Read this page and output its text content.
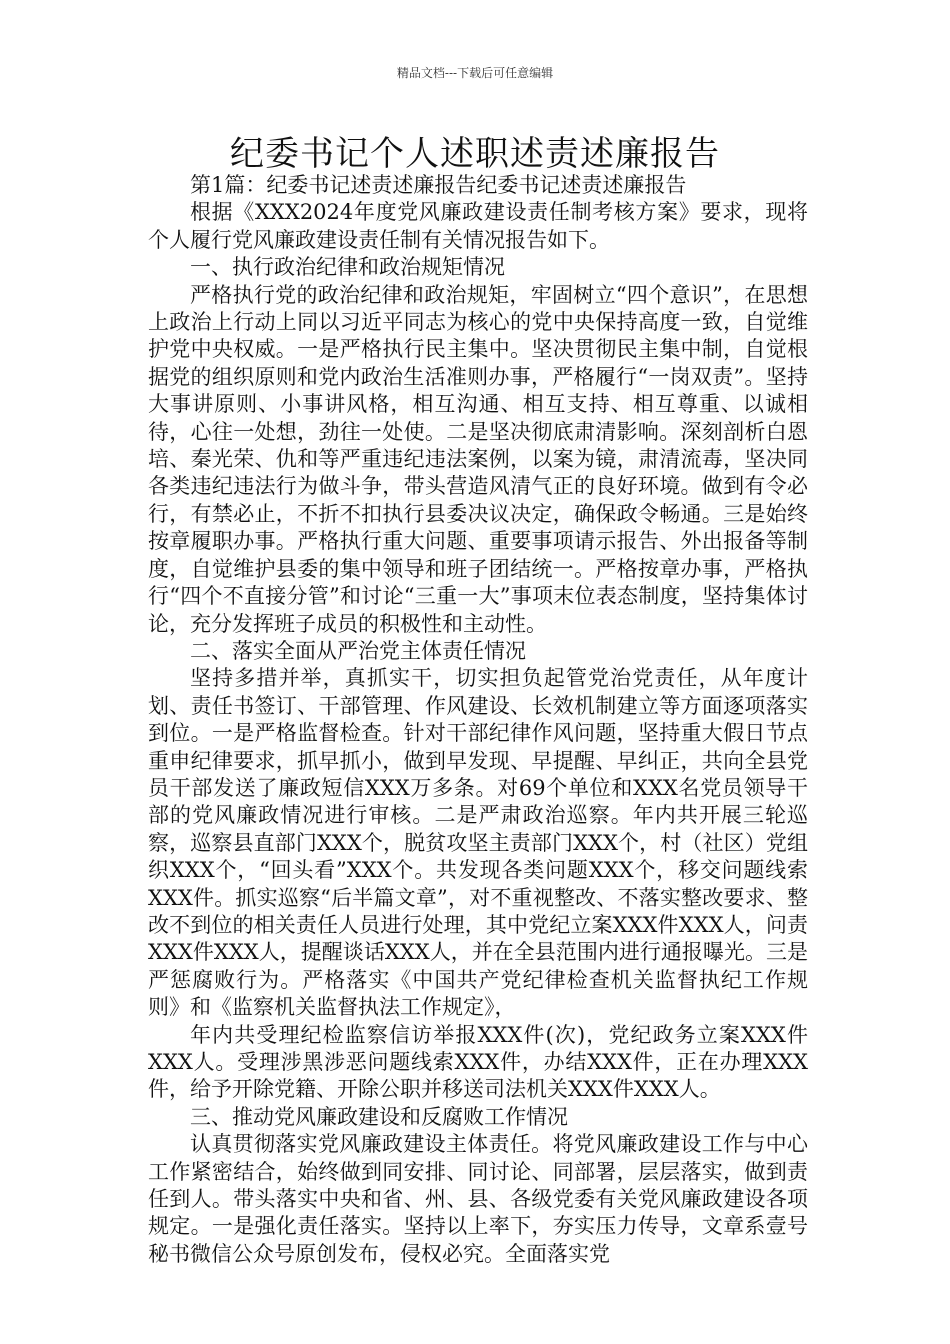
精品文档---下载后可任意编辑
纪委书记个人述职述责述廉报告

第1篇：纪委书记述责述廉报告纪委书记述责述廉报告

根据《XXX2024年度党风廉政建设责任制考核方案》要求，现将个人履行党风廉政建设责任制有关情况报告如下。

一、执行政治纪律和政治规矩情况

严格执行党的政治纪律和政治规矩，牢固树立“四个意识”，在思想上政治上行动上同以习近平同志为核心的党中央保持高度一致，自觉维护党中央权威。一是严格执行民主集中。坚决贯彻民主集中制，自觉根据党的组织原则和党内政治生活准则办事，严格履行“一岗双责”。坚持大事讲原则、小事讲风格，相互沟通、相互支持、相互尊重、以诚相待，心往一处想，劲往一处使。二是坚决彻底肃清影响。深刻剖析白恩培、秦光荣、仇和等严重违纪违法案例，以案为镜，肃清流毒，坚决同各类违纪违法行为做斗争，带头营造风清气正的良好环境。做到有令必行，有禁必止，不折不扣执行县委决议决定，确保政令畅通。三是始终按章履职办事。严格执行重大问题、重要事项请示报告、外出报备等制度，自觉维护县委的集中领导和班子团结统一。严格按章办事，严格执行“四个不直接分管”和讨论“三重一大”事项末位表态制度，坚持集体讨论，充分发挥班子成员的积极性和主动性。

二、落实全面从严治党主体责任情况

坚持多措并举，真抓实干，切实担负起管党治党责任，从年度计划、责任书签订、干部管理、作风建设、长效机制建立等方面逐项落实到位。一是严格监督检查。针对干部纪律作风问题，坚持重大假日节点重申纪律要求，抓早抓小，做到早发现、早提醒、早纠正，共向全县党员干部发送了廉政短信XXX万多条。对69个单位和XXX名党员领导干部的党风廉政情况进行审核。二是严肃政治巡察。年内共开展三轮巡察，巡察县直部门XXX个，脱贫攻坚主责部门XXX个，村（社区）党组织XXX个，“回头看”XXX个。共发现各类问题XXX个，移交问题线索XXX件。抓实巡察“后半篇文章”，对不重视整改、不落实整改要求、整改不到位的相关责任人员进行处理，其中党纪立案XXX件XXX人，问责XXX件XXX人，提醒谈话XXX人，并在全县范围内进行通报曝光。三是严惩腐败行为。严格落实《中国共产党纪律检查机关监督执纪工作规则》和《监察机关监督执法工作规定》，

年内共受理纪检监察信访举报XXX件(次)，党纪政务立案XXX件XXX人。受理涉黑涉恶问题线索XXX件，办结XXX件，正在办理XXX件，给予开除党籍、开除公职并移送司法机关XXX件XXX人。

三、推动党风廉政建设和反腐败工作情况

认真贯彻落实党风廉政建设主体责任。将党风廉政建设工作与中心工作紧密结合，始终做到同安排、同讨论、同部署，层层落实，做到责任到人。带头落实中央和省、州、县、各级党委有关党风廉政建设各项规定。一是强化责任落实。坚持以上率下，夯实压力传导，文章系壹号秘书微信公众号原创发布，侵权必究。全面落实党
